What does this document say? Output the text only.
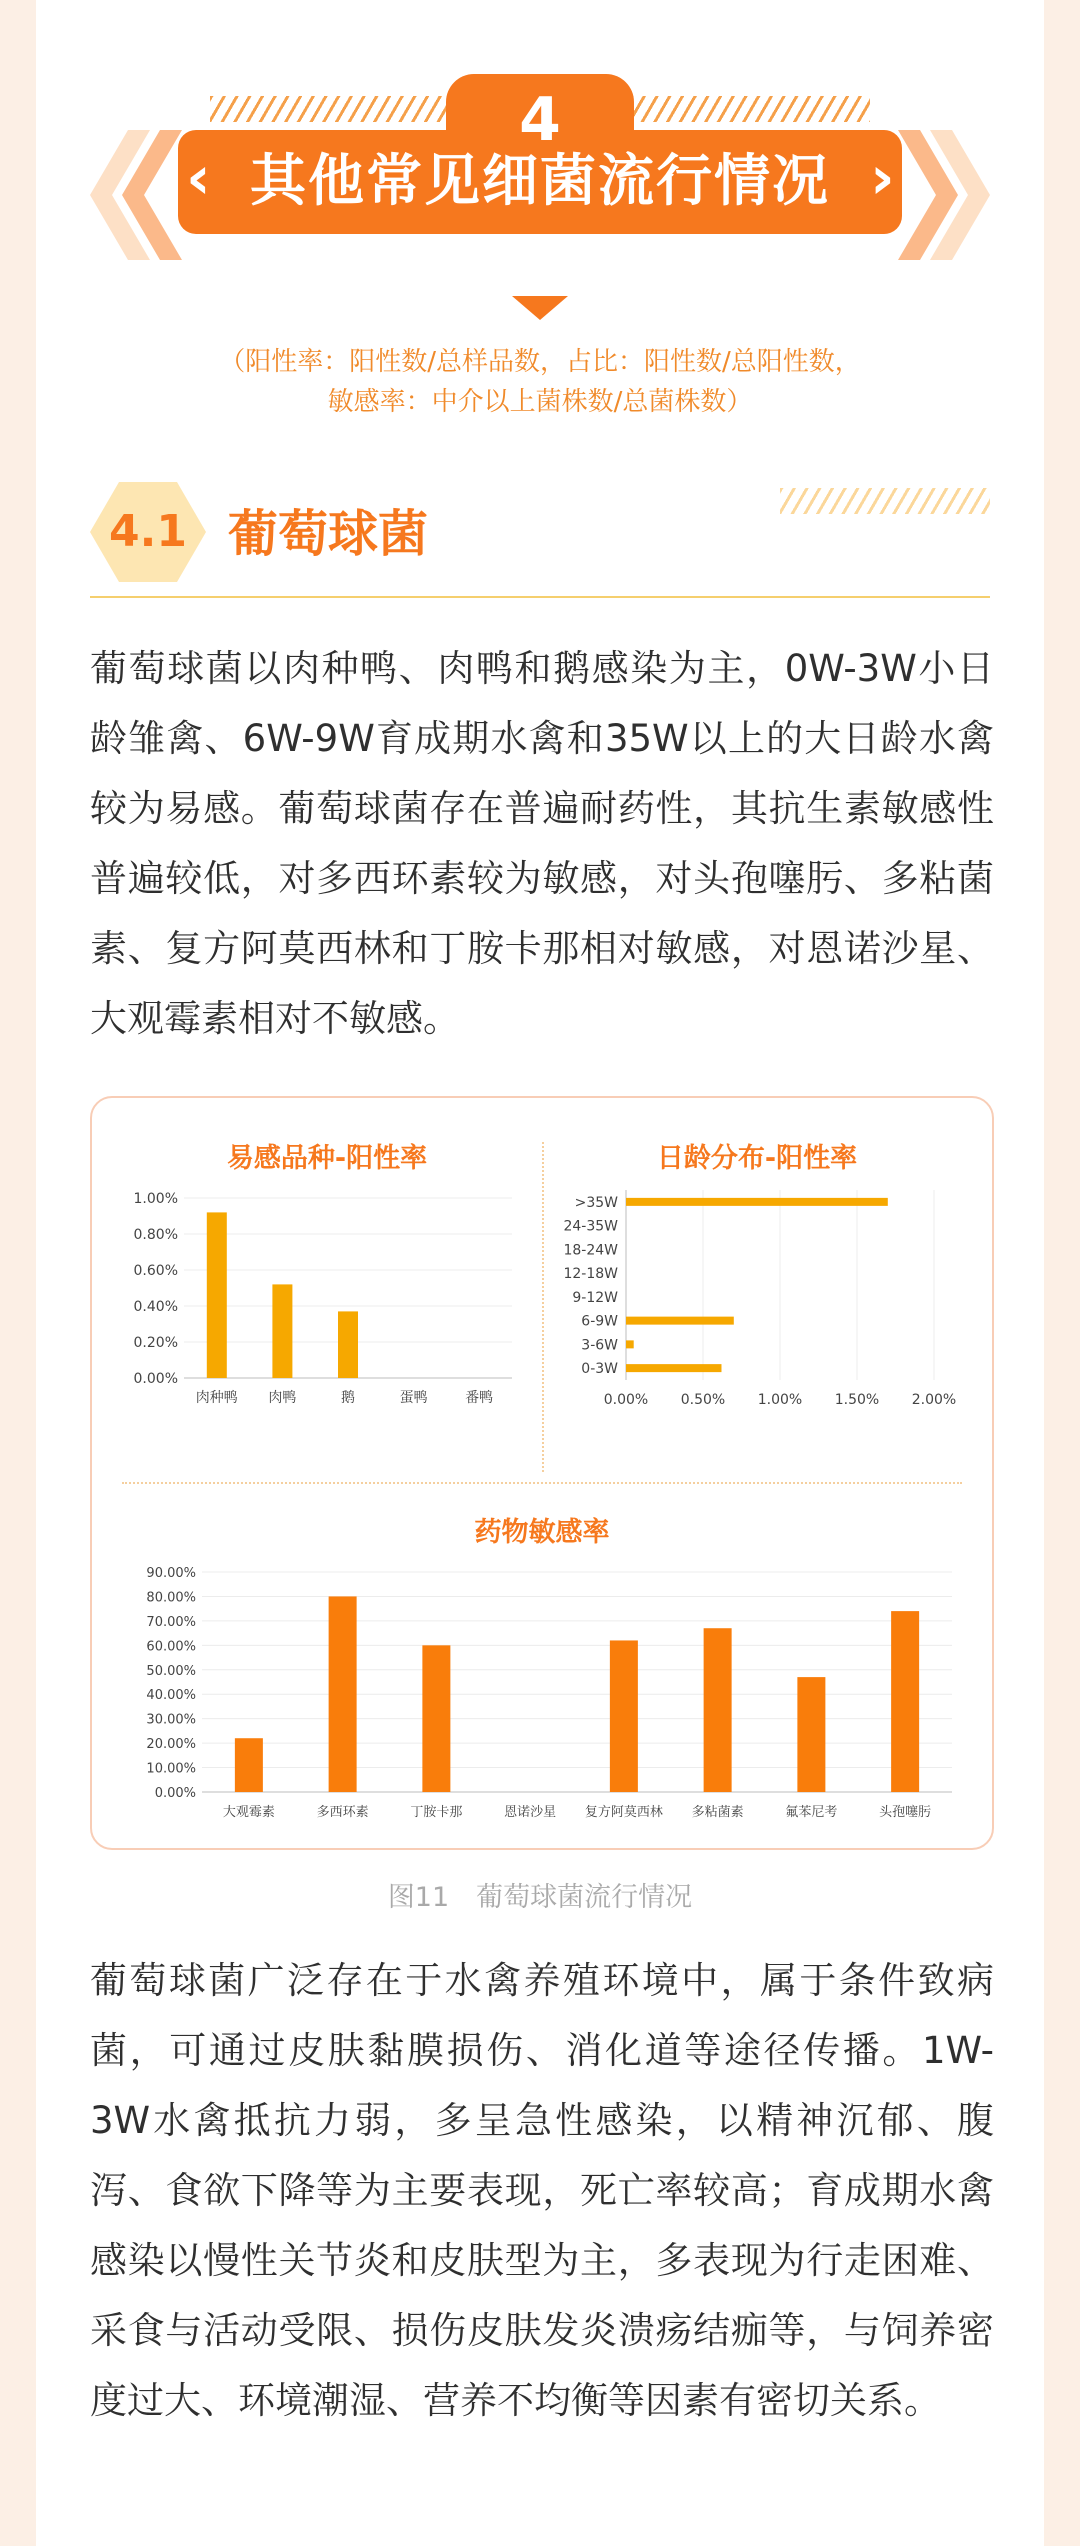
4
‹	›
其他常见细菌流行情况
（阳性率：阳性数/总样品数，占比：阳性数/总阳性数，
敏感率：中介以上菌株数/总菌株数）
4.1 葡萄球菌
葡萄球菌以肉种鸭、肉鸭和鹅感染为主，0W-3W小日龄雏禽、6W-9W育成期水禽和35W以上的大日龄水禽较为易感。葡萄球菌存在普遍耐药性，其抗生素敏感性普遍较低，对多西环素较为敏感，对头孢噻肟、多粘菌素、复方阿莫西林和丁胺卡那相对敏感，对恩诺沙星、大观霉素相对不敏感。
易感品种-阳性率	日龄分布-阳性率
药物敏感率
0.00%
0.20%
0.40%
0.60%
0.80%
1.00%
肉种鸭 肉鸭	鹅	蛋鸭	番鸭	0.00% 0.50% 1.00% 1.50% 2.00%
>35W
24-35W
18-24W
12-18W
9-12W
6-9W
3-6W
0-3W
0.00%
10.00%
20.00%
30.00%
40.00%
50.00%
60.00%
70.00%
80.00%
90.00%
大观霉素	多西环素	丁胺卡那	恩诺沙星 复方阿莫西林 多粘菌素	氟苯尼考	头孢噻肟
图11　葡萄球菌流行情况
葡萄球菌广泛存在于水禽养殖环境中，属于条件致病菌，可通过皮肤黏膜损伤、消化道等途径传播。1W-3W水禽抵抗力弱，多呈急性感染，以精神沉郁、腹泻、食欲下降等为主要表现，死亡率较高；育成期水禽感染以慢性关节炎和皮肤型为主，多表现为行走困难、采食与活动受限、损伤皮肤发炎溃疡结痂等，与饲养密度过大、环境潮湿、营养不均衡等因素有密切关系。
